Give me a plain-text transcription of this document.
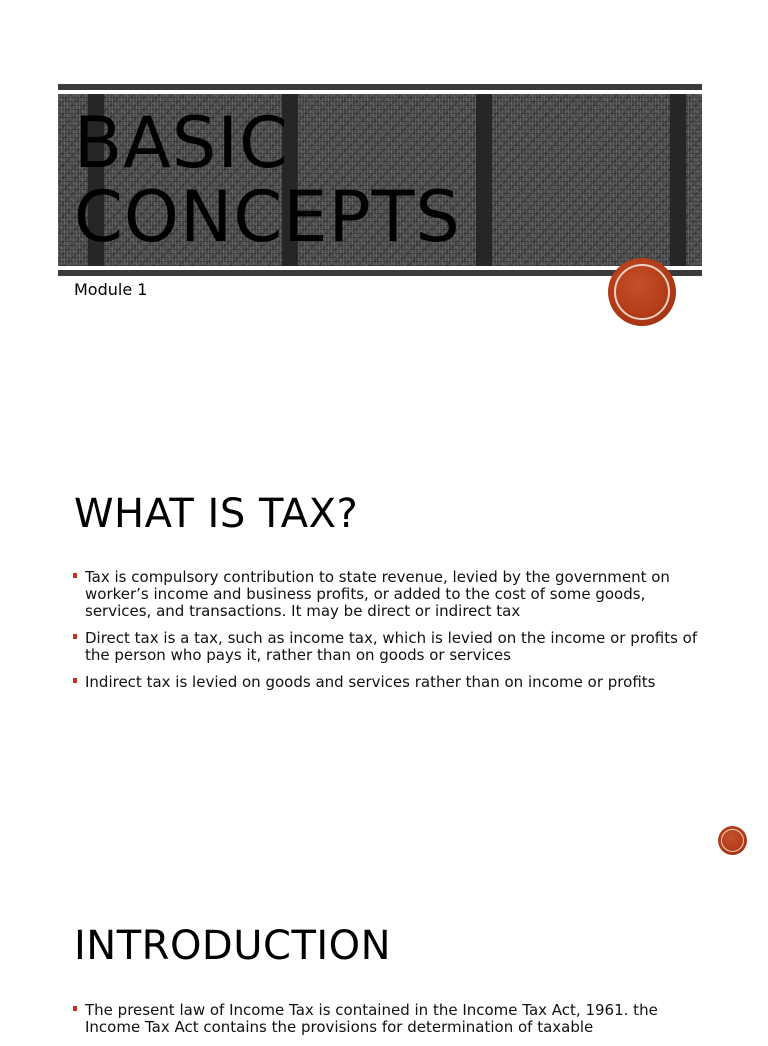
BASIC
CONCEPTS
Module 1
WHAT IS TAX?
Tax is compulsory contribution to state revenue, levied by the government on worker’s income and business profits, or added to the cost of some goods, services, and transactions. It may be direct or indirect tax
Direct tax is a tax, such as income tax, which is levied on the income or profits of the person who pays it, rather than on goods or services
Indirect tax is levied on goods and services rather than on income or profits
INTRODUCTION
The present law of Income Tax is contained in the Income Tax Act, 1961. the Income Tax Act contains the provisions for determination of taxable
